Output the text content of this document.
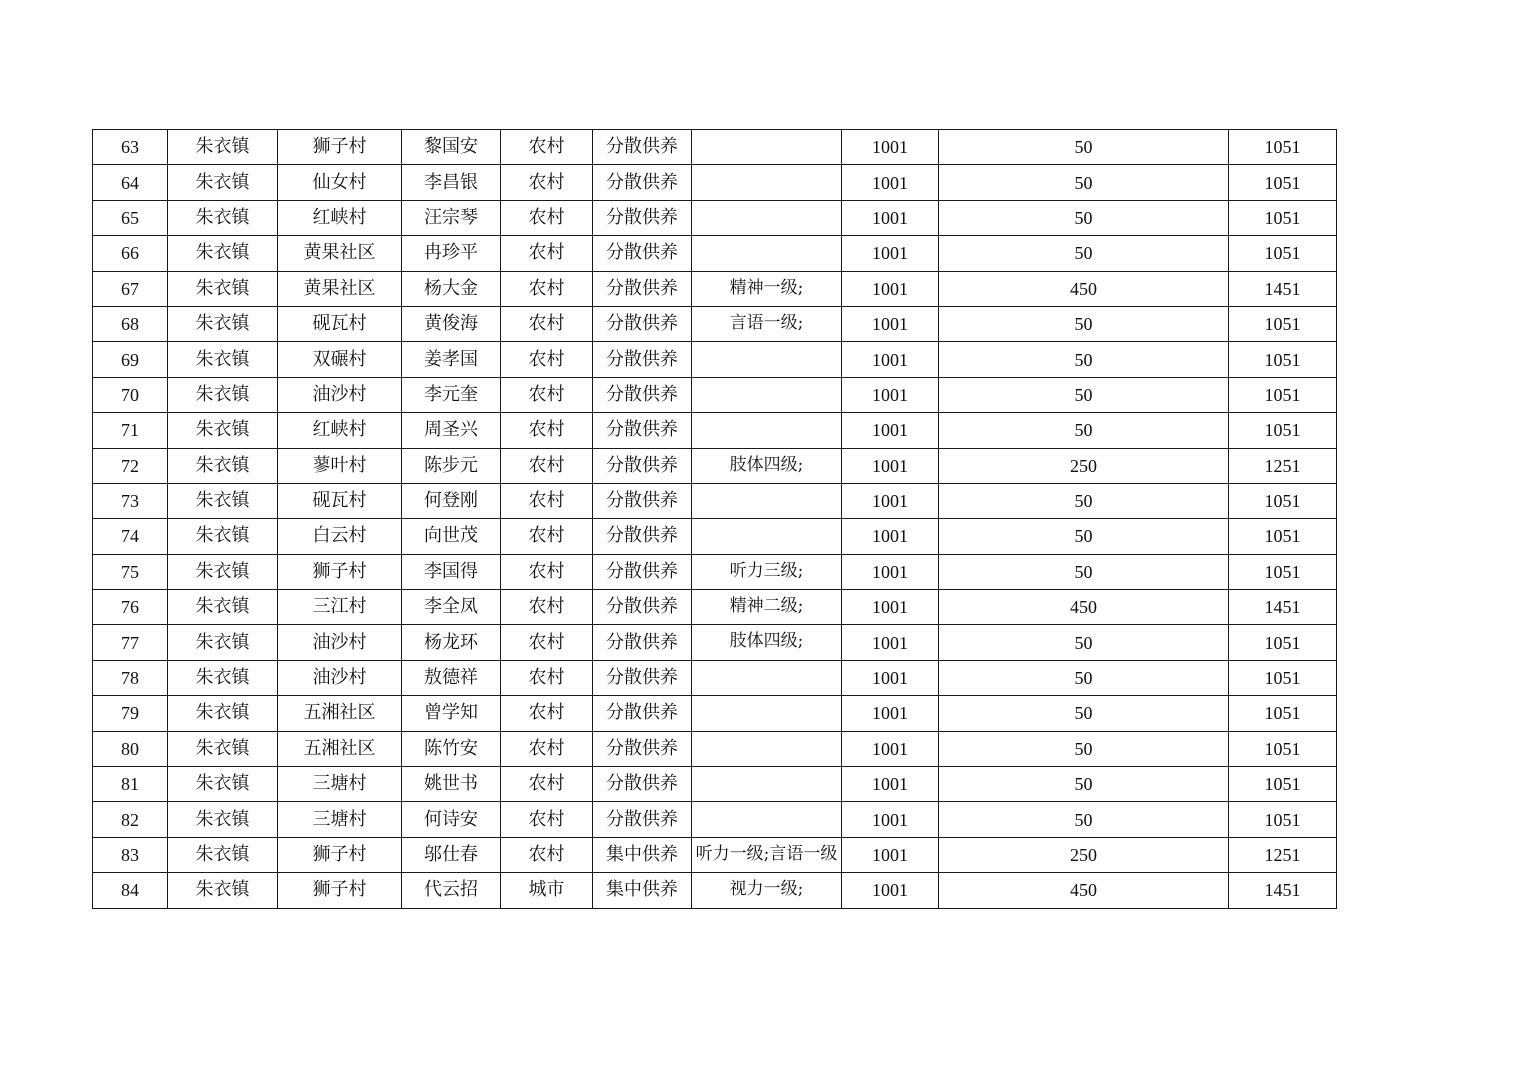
63	朱衣镇	狮子村	黎国安	农村	分散供养		1001	50	1051
64	朱衣镇	仙女村	李昌银	农村	分散供养		1001	50	1051
65	朱衣镇	红峡村	汪宗琴	农村	分散供养		1001	50	1051
66	朱衣镇	黄果社区	冉珍平	农村	分散供养		1001	50	1051
67	朱衣镇	黄果社区	杨大金	农村	分散供养	精神一级;	1001	450	1451
68	朱衣镇	砚瓦村	黄俊海	农村	分散供养	言语一级;	1001	50	1051
69	朱衣镇	双碾村	姜孝国	农村	分散供养		1001	50	1051
70	朱衣镇	油沙村	李元奎	农村	分散供养		1001	50	1051
71	朱衣镇	红峡村	周圣兴	农村	分散供养		1001	50	1051
72	朱衣镇	蓼叶村	陈步元	农村	分散供养	肢体四级;	1001	250	1251
73	朱衣镇	砚瓦村	何登刚	农村	分散供养		1001	50	1051
74	朱衣镇	白云村	向世茂	农村	分散供养		1001	50	1051
75	朱衣镇	狮子村	李国得	农村	分散供养	听力三级;	1001	50	1051
76	朱衣镇	三江村	李全凤	农村	分散供养	精神二级;	1001	450	1451
77	朱衣镇	油沙村	杨龙环	农村	分散供养	肢体四级;	1001	50	1051
78	朱衣镇	油沙村	敖德祥	农村	分散供养		1001	50	1051
79	朱衣镇	五湘社区	曾学知	农村	分散供养		1001	50	1051
80	朱衣镇	五湘社区	陈竹安	农村	分散供养		1001	50	1051
81	朱衣镇	三塘村	姚世书	农村	分散供养		1001	50	1051
82	朱衣镇	三塘村	何诗安	农村	分散供养		1001	50	1051
83	朱衣镇	狮子村	邬仕春	农村	集中供养	听力一级;言语一级	1001	250	1251
84	朱衣镇	狮子村	代云招	城市	集中供养	视力一级;	1001	450	1451
